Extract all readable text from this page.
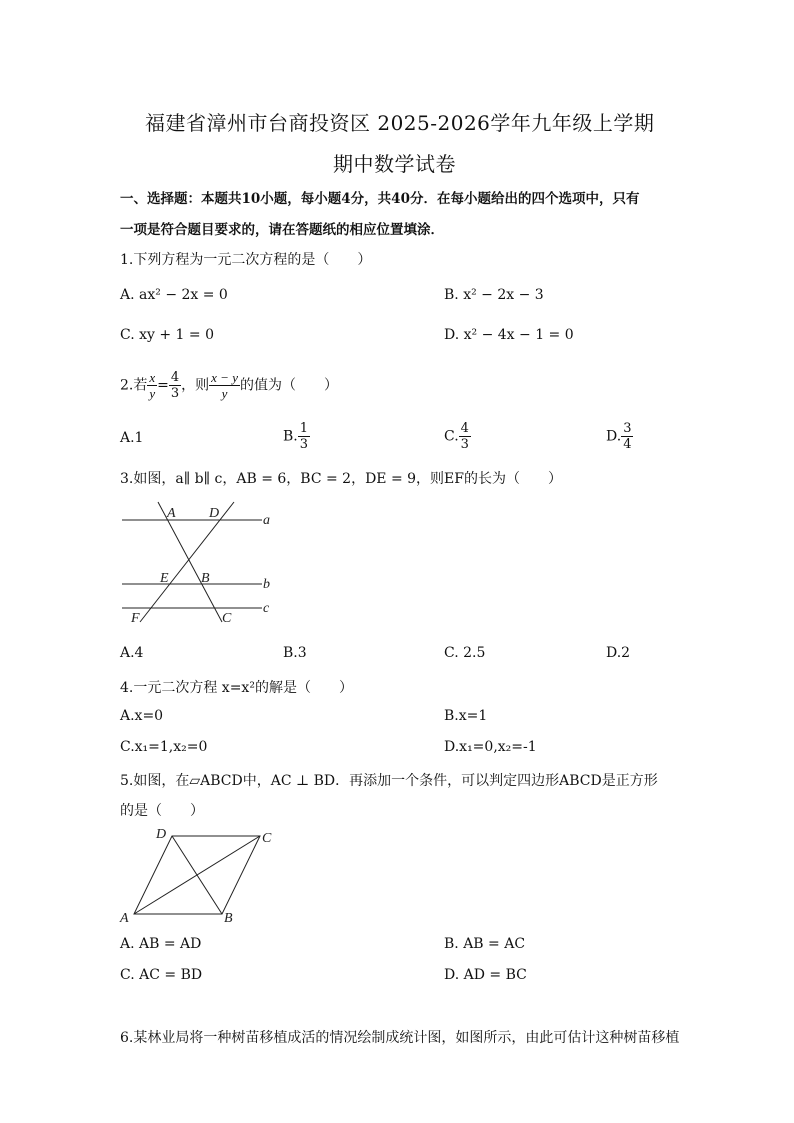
福建省漳州市台商投资区 2025-2026学年九年级上学期
期中数学试卷
一、选择题：本题共10小题，每小题4分，共40分．在每小题给出的四个选项中，只有
一项是符合题目要求的，请在答题纸的相应位置填涂．
1.下列方程为一元二次方程的是（　　）
A. ax² − 2x = 0	B. x² − 2x − 3
C. xy + 1 = 0	D. x² − 4x − 1 = 0
2.若 $\frac{x}{y} = \frac{4}{3}$ ，则 $\frac{x - y}{y}$ 的值为（　　）
A.1	B. $\frac{1}{3}$	C. $\frac{4}{3}$	D. $\frac{3}{4}$
3.如图，a∥ b∥ c，AB = 6，BC = 2，DE = 9，则EF的长为（　　）
A D	a
E B	b
F	C
c
A.4	B.3	C. 2.5	D.2
4.一元二次方程 x=x²的解是（　　）
A.x=0	B.x=1
C.x₁=1,x₂=0	D.x₁=0,x₂=-1
5.如图，在▱ABCD中，AC ⊥ BD．再添加一个条件，可以判定四边形ABCD是正方形
的是（　　）
D	C
A	B
A. AB = AD	B. AB = AC
C. AC = BD	D. AD = BC
6.某林业局将一种树苗移植成活的情况绘制成统计图，如图所示，由此可估计这种树苗移植
